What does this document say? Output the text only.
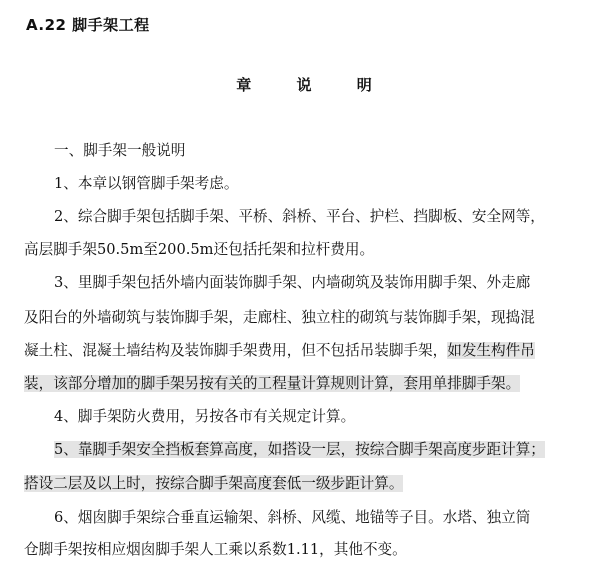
A.22 脚手架工程
章 说 明
一、脚手架一般说明
1、本章以钢管脚手架考虑。
2、综合脚手架包括脚手架、平桥、斜桥、平台、护栏、挡脚板、安全网等，
高层脚手架50.5m至200.5m还包括托架和拉杆费用。
3、里脚手架包括外墙内面装饰脚手架、内墙砌筑及装饰用脚手架、外走廊
及阳台的外墙砌筑与装饰脚手架，走廊柱、独立柱的砌筑与装饰脚手架，现捣混
凝土柱、混凝土墙结构及装饰脚手架费用，但不包括吊装脚手架，如发生构件吊
装，该部分增加的脚手架另按有关的工程量计算规则计算，套用单排脚手架。
4、脚手架防火费用，另按各市有关规定计算。
5、靠脚手架安全挡板套算高度，如搭设一层，按综合脚手架高度步距计算；
搭设二层及以上时，按综合脚手架高度套低一级步距计算。
6、烟囱脚手架综合垂直运输架、斜桥、风缆、地锚等子目。水塔、独立筒
仓脚手架按相应烟囱脚手架人工乘以系数1.11，其他不变。
